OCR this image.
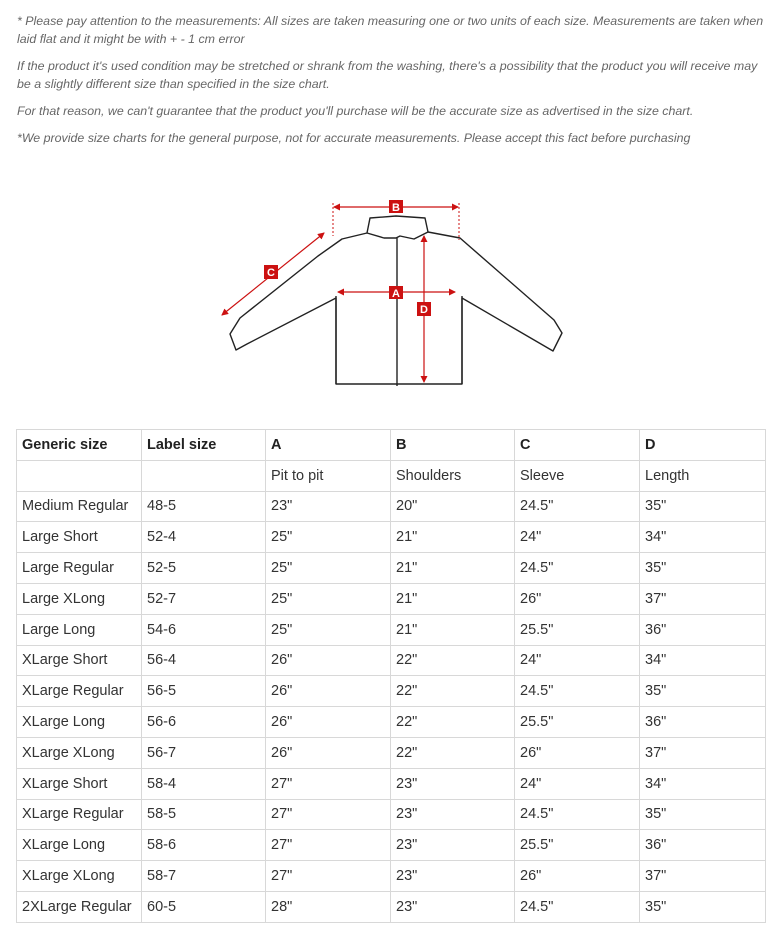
* Please pay attention to the measurements: All sizes are taken measuring one or two units of each size. Measurements are taken when laid flat and it might be with + - 1 cm error

If the product it's used condition may be stretched or shrank from the washing, there's a possibility that the product you will receive may be a slightly different size than specified in the size chart.

For that reason, we can't guarantee that the product you'll purchase will be the accurate size as advertised in the size chart.

*We provide size charts for the general purpose, not for accurate measurements. Please accept this fact before purchasing

B
C
A
D
Generic size	Label size	A	B	C	D
		Pit to pit	Shoulders	Sleeve	Length
Medium Regular	48-5	23"	20"	24.5"	35"
Large Short	52-4	25"	21"	24"	34"
Large Regular	52-5	25"	21"	24.5"	35"
Large XLong	52-7	25"	21"	26"	37"
Large Long	54-6	25"	21"	25.5"	36"
XLarge Short	56-4	26"	22"	24"	34"
XLarge Regular	56-5	26"	22"	24.5"	35"
XLarge Long	56-6	26"	22"	25.5"	36"
XLarge XLong	56-7	26"	22"	26"	37"
XLarge Short	58-4	27"	23"	24"	34"
XLarge Regular	58-5	27"	23"	24.5"	35"
XLarge Long	58-6	27"	23"	25.5"	36"
XLarge XLong	58-7	27"	23"	26"	37"
2XLarge Regular	60-5	28"	23"	24.5"	35"
